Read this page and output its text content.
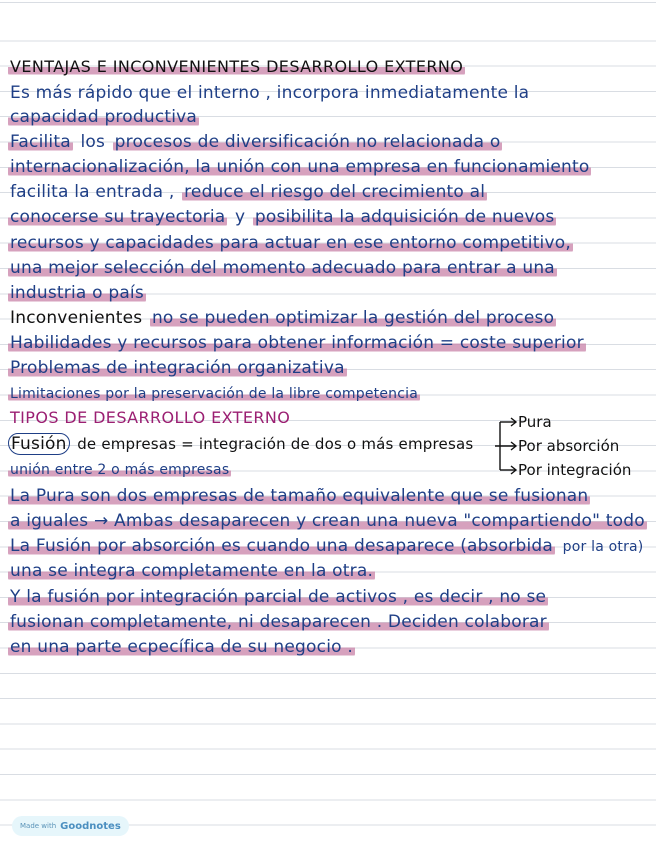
VENTAJAS E INCONVENIENTES DESARROLLO EXTERNO
Es más rápido que el interno , incorpora inmediatamente la
capacidad productiva
Facilita los procesos de diversificación no relacionada o
internacionalización, la unión con una empresa en funcionamiento
facilita la entrada , reduce el riesgo del crecimiento al
conocerse su trayectoria y posibilita la adquisición de nuevos
recursos y capacidades para actuar en ese entorno competitivo,
una mejor selección del momento adecuado para entrar a una
industria o país
Inconvenientes no se pueden optimizar la gestión del proceso
Habilidades y recursos para obtener información = coste superior
Problemas de integración organizativa
Limitaciones por la preservación de la libre competencia
TIPOS DE DESARROLLO EXTERNO
Fusión de empresas = integración de dos o más empresas
unión entre 2 o más empresas
Pura
Por absorción
Por integración
La Pura son dos empresas de tamaño equivalente que se fusionan
a iguales → Ambas desaparecen y crean una nueva "compartiendo" todo
La Fusión por absorción es cuando una desaparece (absorbida por la otra)
una se integra completamente en la otra.
Y la fusión por integración parcial de activos , es decir , no se
fusionan completamente, ni desaparecen . Deciden colaborar
en una parte ecpecífica de su negocio .
Made with Goodnotes
